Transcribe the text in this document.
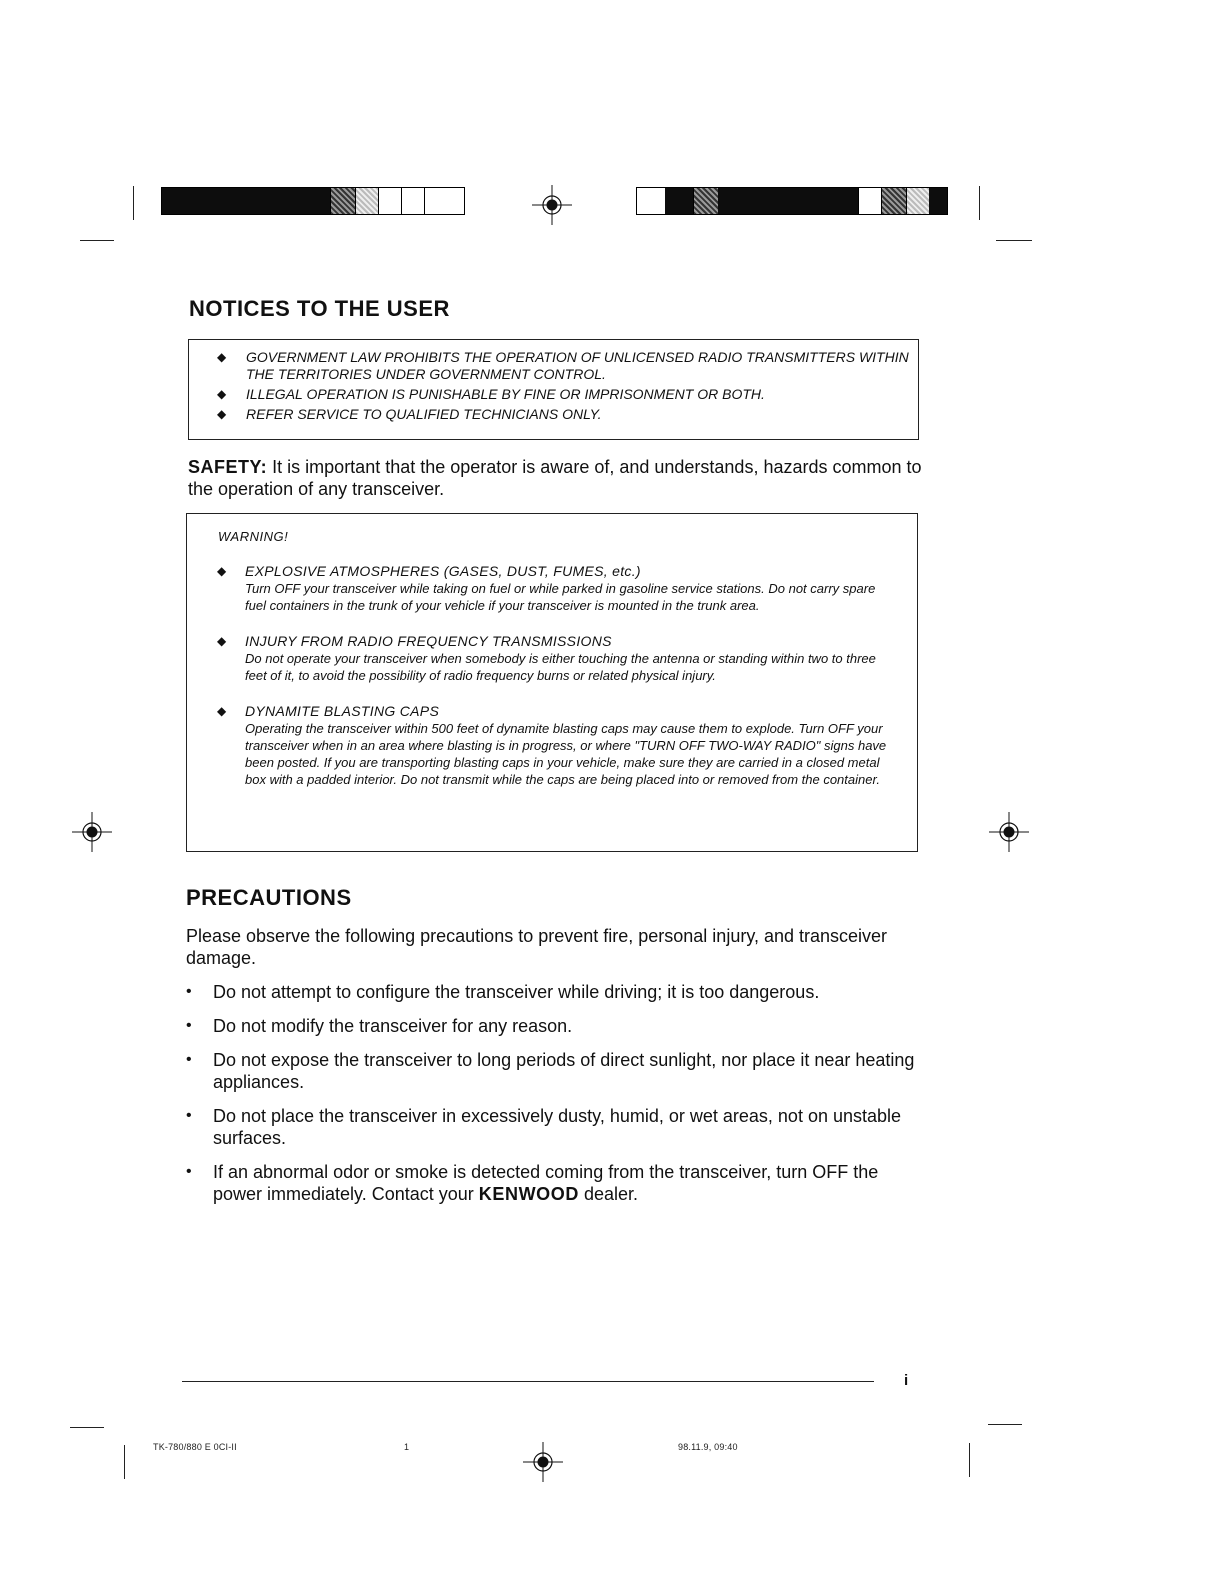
NOTICES TO THE USER
◆ GOVERNMENT LAW PROHIBITS THE OPERATION OF UNLICENSED RADIO TRANSMITTERS WITHIN THE TERRITORIES UNDER GOVERNMENT CONTROL.
◆ ILLEGAL OPERATION IS PUNISHABLE BY FINE OR IMPRISONMENT OR BOTH.
◆ REFER SERVICE TO QUALIFIED TECHNICIANS ONLY.

SAFETY: It is important that the operator is aware of, and understands, hazards common to the operation of any transceiver.

WARNING!
◆ EXPLOSIVE ATMOSPHERES (GASES, DUST, FUMES, etc.)
Turn OFF your transceiver while taking on fuel or while parked in gasoline service stations. Do not carry spare fuel containers in the trunk of your vehicle if your transceiver is mounted in the trunk area.
◆ INJURY FROM RADIO FREQUENCY TRANSMISSIONS
Do not operate your transceiver when somebody is either touching the antenna or standing within two to three feet of it, to avoid the possibility of radio frequency burns or related physical injury.
◆ DYNAMITE BLASTING CAPS
Operating the transceiver within 500 feet of dynamite blasting caps may cause them to explode. Turn OFF your transceiver when in an area where blasting is in progress, or where "TURN OFF TWO-WAY RADIO" signs have been posted. If you are transporting blasting caps in your vehicle, make sure they are carried in a closed metal box with a padded interior. Do not transmit while the caps are being placed into or removed from the container.
PRECAUTIONS

Please observe the following precautions to prevent fire, personal injury, and transceiver damage.

• Do not attempt to configure the transceiver while driving; it is too dangerous.
• Do not modify the transceiver for any reason.
• Do not expose the transceiver to long periods of direct sunlight, nor place it near heating appliances.
• Do not place the transceiver in excessively dusty, humid, or wet areas, not on unstable surfaces.
• If an abnormal odor or smoke is detected coming from the transceiver, turn OFF the power immediately. Contact your KENWOOD dealer.
i
TK-780/880 E 0CI-II	1	98.11.9, 09:40
